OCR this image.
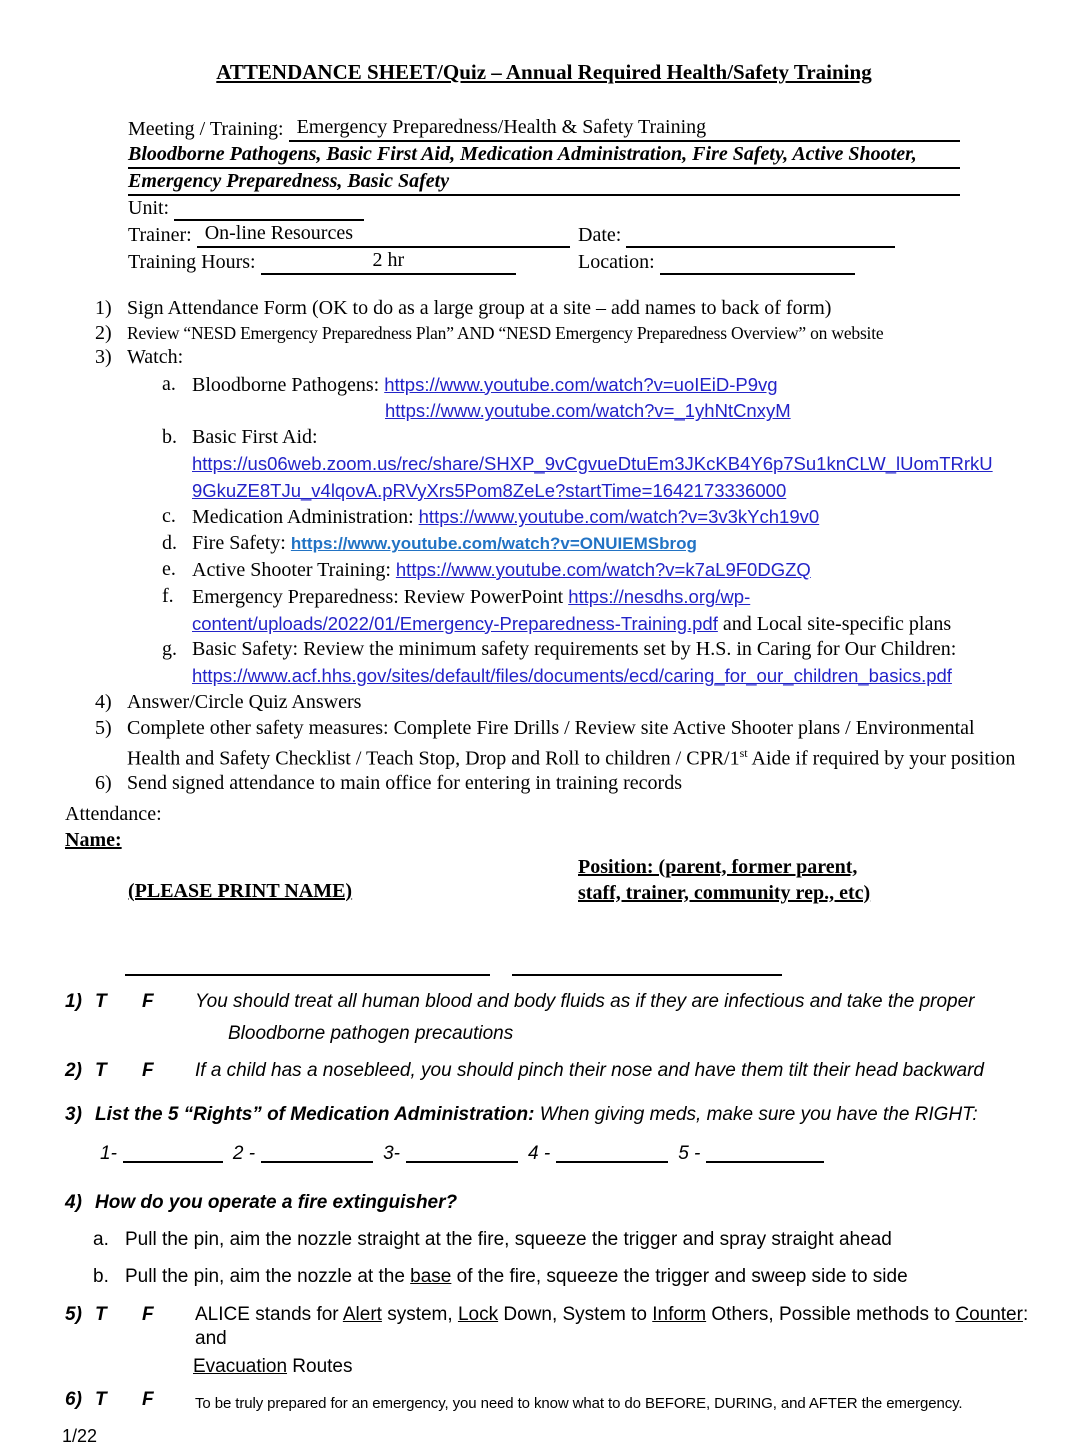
ATTENDANCE SHEET/Quiz – Annual Required Health/Safety Training
Meeting / Training: Emergency Preparedness/Health & Safety Training
Bloodborne Pathogens, Basic First Aid, Medication Administration, Fire Safety, Active Shooter,
Emergency Preparedness, Basic Safety
Unit:
Trainer: On-line Resources	Date:
Training Hours:	2 hr	Location:
1) Sign Attendance Form (OK to do as a large group at a site – add names to back of form)
2) Review “NESD Emergency Preparedness Plan” AND “NESD Emergency Preparedness Overview” on website
3) Watch:
a. Bloodborne Pathogens: https://www.youtube.com/watch?v=uoIEiD-P9vg
https://www.youtube.com/watch?v=_1yhNtCnxyM
b. Basic First Aid:
https://us06web.zoom.us/rec/share/SHXP_9vCgvueDtuEm3JKcKB4Y6p7Su1knCLW_lUomTRrkU
9GkuZE8TJu_v4lqovA.pRVyXrs5Pom8ZeLe?startTime=1642173336000
c. Medication Administration: https://www.youtube.com/watch?v=3v3kYch19v0
d. Fire Safety: https://www.youtube.com/watch?v=ONUIEMSbrog
e. Active Shooter Training: https://www.youtube.com/watch?v=k7aL9F0DGZQ
f. Emergency Preparedness: Review PowerPoint https://nesdhs.org/wp-
content/uploads/2022/01/Emergency-Preparedness-Training.pdf and Local site-specific plans
g. Basic Safety: Review the minimum safety requirements set by H.S. in Caring for Our Children:
https://www.acf.hhs.gov/sites/default/files/documents/ecd/caring_for_our_children_basics.pdf
4) Answer/Circle Quiz Answers
5) Complete other safety measures: Complete Fire Drills / Review site Active Shooter plans / Environmental Health and Safety Checklist / Teach Stop, Drop and Roll to children / CPR/1st Aide if required by your position
6) Send signed attendance to main office for entering in training records
Attendance:
Name:
(PLEASE PRINT NAME)
Position: (parent, former parent,
staff, trainer, community rep., etc)
1) T	F	You should treat all human blood and body fluids as if they are infectious and take the proper
Bloodborne pathogen precautions
2) T	F	If a child has a nosebleed, you should pinch their nose and have them tilt their head backward
3) List the 5 “Rights” of Medication Administration: When giving meds, make sure you have the RIGHT:
1-	2 -	3-	4 -	5 -
4) How do you operate a fire extinguisher?
a. Pull the pin, aim the nozzle straight at the fire, squeeze the trigger and spray straight ahead
b. Pull the pin, aim the nozzle at the base of the fire, squeeze the trigger and sweep side to side
5) T	F	ALICE stands for Alert system, Lock Down, System to Inform Others, Possible methods to Counter: and
Evacuation Routes
6) T	F	To be truly prepared for an emergency, you need to know what to do BEFORE, DURING, and AFTER the emergency.
1/22
